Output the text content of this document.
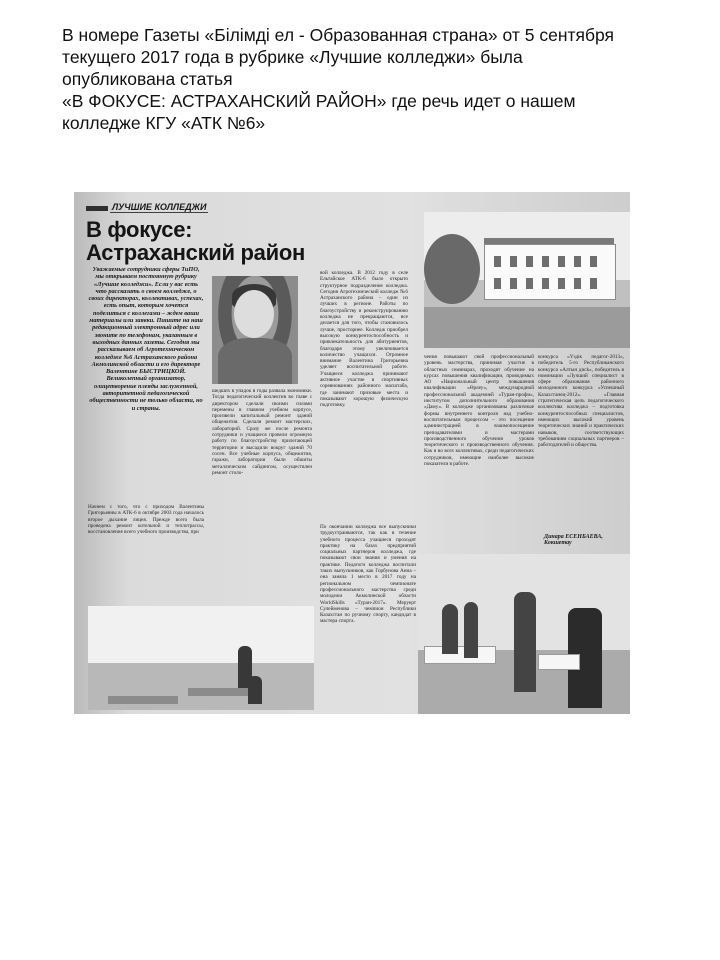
В номере Газеты «Білімді ел - Образованная страна» от 5 сентября

текущего 2017 года в рубрике «Лучшие колледжи» была

опубликована статья

«В ФОКУСЕ: АСТРАХАНСКИЙ РАЙОН» где речь идет о нашем

колледже КГУ «АТК №6»

ЛУЧШИЕ КОЛЛЕДЖИ
В фокусе:
Астраханский район
Уважаемые сотрудники сферы ТиПО, мы открываем постоянную рубрику «Лучшие колледжи». Если у вас есть что рассказать о своем колледже, о своих директорах, коллективах, успехах, есть опыт, которым хочется поделиться с коллегами – ждем ваши материалы или заявки. Пишите на наш редакционный электронный адрес или звоните по телефонам, указанным в выходных данных газеты. Сегодня мы рассказываем об Агротехническом колледже №6 Астраханского района Акмолинской области и его директоре Валентине БЫСТРИЦКОЙ. Великолепный организатор, олицетворение плеяды заслуженной, авторитетной педагогической общественности не только области, но и страны.
Начнем с того, что с приходом Валентины Григорьевны в АТК-6 в октябре 2003 года началось второе дыхание лицея. Прежде всего была проведена ремонт котельной и теплотрассы, восстановление всего учебного производства, при
шедших в упадок в годы развала экономики. Тогда педагогический коллектив во главе с директором сделали своими силами перемены в главном учебном корпусе, произвели капитальный ремонт зданий общежития. Сделали ремонт мастерских, лабораторий. Сразу же после ремонта сотрудники и учащиеся провели огромную работу по благоустройству прилегающей территории и высадили вокруг зданий 70 сосен. Все учебные корпуса, общежития, гаражи, лаборатории были обшиты металлическим сайдингом, осуществлен ремонт столо-
вой колледжа. В 2012 году в селе Ельтайское АТК-6 было открыто структурное подразделение колледжа. Сегодня Агротехнический колледж №6 Астраханского района – один из лучших в регионе. Работы по благоустройству и реконструированию колледжа не прекращаются, все делается для того, чтобы становилось лучше, просторнее. Колледж приобрел высокую конкурентоспособность и привлекательность для абитуриентов, благодаря этому увеличивается количество учащихся. Огромное внимание Валентина Григорьевна уделяет воспитательной работе. Учащиеся колледжа принимают активное участие в спортивных соревнованиях районного масштаба, где занимают призовые места и показывают хорошую физическую подготовку.
По окончании колледжа все выпускники трудоустраиваются, так как в течение учебного процесса учащиеся проходят практику на базах предприятий социальных партнеров колледжа, где показывают свои знания и умения на практике. Педагоги колледжа воспитали таких выпускников, как Горбунова Анна – она заняла 1 место в 2017 году на региональном чемпионате профессионального мастерства среди молодежи Акмолинской области WorldSkills «Туран-2017». Меруерт Сулейменова – чемпион Республики Казахстан по ручному спорту, кандидат в мастера спорта.
чения повышают свой профессиональный уровень мастерства, принимая участие в областных семинарах, проходят обучение на курсах повышения квалификации, проводимых АО «Национальный центр повышения квалификации «Өрлеу», международной профессиональной академией «Туран-профи», институтом дополнительного образования «Даму». В колледже организованы различные формы внутреннего контроля над учебно-воспитательным процессом – это посещение администрацией в взаимопосещение преподавателями и мастерами производственного обучения уроков теоретического и производственного обучения. Как и во всех коллективах, среди педагогических сотрудников, имеющие наиболее высокие показатели в работе.
конкурса «Үздік педагог-2013», победитель 5-го Республиканского конкурса «Алтын дисk», победитель в номинации «Лучший специалист в сфере образования районного молодежного конкурса «Успешный Казахстанец-2012». «Главная стратегическая цель педагогического коллектива колледжа – подготовка конкурентоспособных специалистов, имеющих высокий уровень теоретических знаний и практических навыков, соответствующих требованиям социальных партнеров – работодателей и общества.
Динара ЕСЕНБАЕВА, Кокшетау
